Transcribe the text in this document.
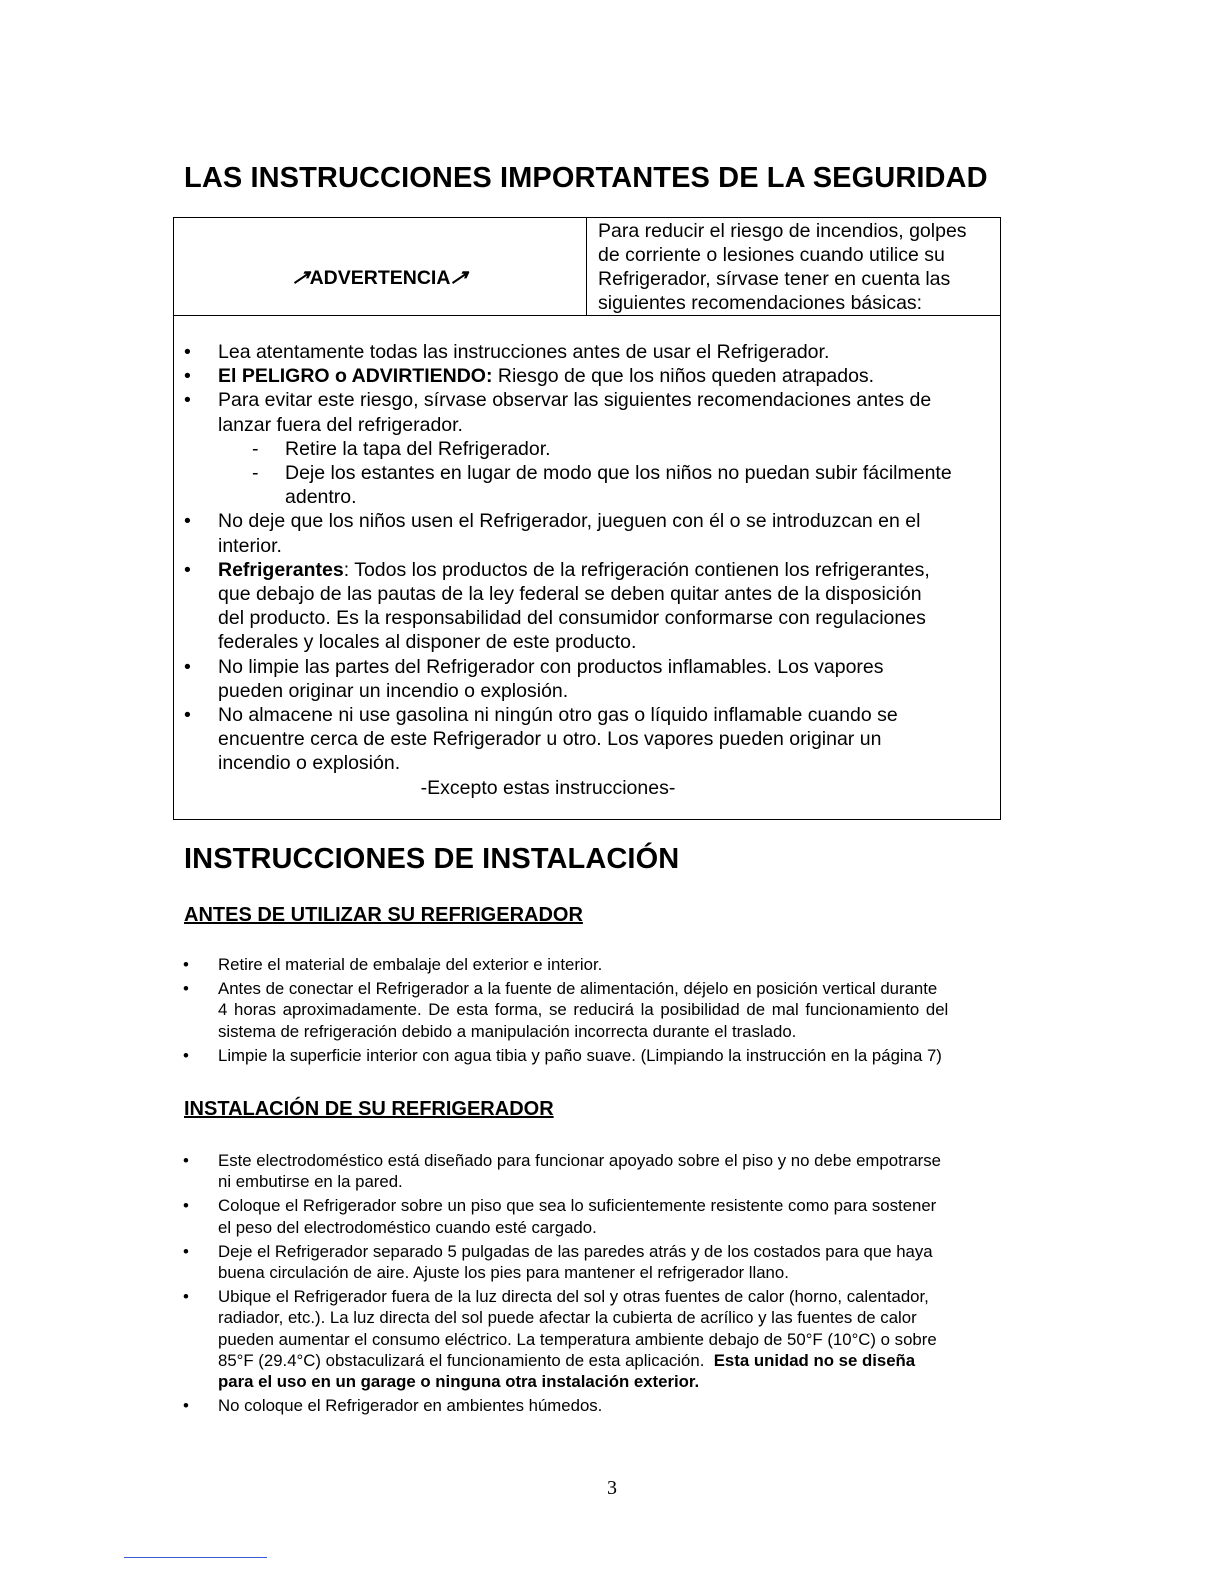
LAS INSTRUCCIONES IMPORTANTES DE LA SEGURIDAD
↗ADVERTENCIA↗
Para reducir el riesgo de incendios, golpes
de corriente o lesiones cuando utilice su
Refrigerador, sírvase tener en cuenta las
siguientes recomendaciones básicas:
• Lea atentamente todas las instrucciones antes de usar el Refrigerador.
• El PELIGRO o ADVIRTIENDO: Riesgo de que los niños queden atrapados.
• Para evitar este riesgo, sírvase observar las siguientes recomendaciones antes de
lanzar fuera del refrigerador.
- Retire la tapa del Refrigerador.
- Deje los estantes en lugar de modo que los niños no puedan subir fácilmente
adentro.
• No deje que los niños usen el Refrigerador, jueguen con él o se introduzcan en el
interior.
• Refrigerantes: Todos los productos de la refrigeración contienen los refrigerantes,
que debajo de las pautas de la ley federal se deben quitar antes de la disposición
del producto. Es la responsabilidad del consumidor conformarse con regulaciones
federales y locales al disponer de este producto.
• No limpie las partes del Refrigerador con productos inflamables. Los vapores
pueden originar un incendio o explosión.
• No almacene ni use gasolina ni ningún otro gas o líquido inflamable cuando se
encuentre cerca de este Refrigerador u otro. Los vapores pueden originar un
incendio o explosión.
-Excepto estas instrucciones-
INSTRUCCIONES DE INSTALACIÓN
ANTES DE UTILIZAR SU REFRIGERADOR
• Retire el material de embalaje del exterior e interior.
• Antes de conectar el Refrigerador a la fuente de alimentación, déjelo en posición vertical durante
4 horas aproximadamente. De esta forma, se reducirá la posibilidad de mal funcionamiento del
sistema de refrigeración debido a manipulación incorrecta durante el traslado.
• Limpie la superficie interior con agua tibia y paño suave. (Limpiando la instrucción en la página 7)
INSTALACIÓN DE SU REFRIGERADOR
• Este electrodoméstico está diseñado para funcionar apoyado sobre el piso y no debe empotrarse
ni embutirse en la pared.
• Coloque el Refrigerador sobre un piso que sea lo suficientemente resistente como para sostener
el peso del electrodoméstico cuando esté cargado.
• Deje el Refrigerador separado 5 pulgadas de las paredes atrás y de los costados para que haya
buena circulación de aire. Ajuste los pies para mantener el refrigerador llano.
• Ubique el Refrigerador fuera de la luz directa del sol y otras fuentes de calor (horno, calentador,
radiador, etc.). La luz directa del sol puede afectar la cubierta de acrílico y las fuentes de calor
pueden aumentar el consumo eléctrico. La temperatura ambiente debajo de 50°F (10°C) o sobre
85°F (29.4°C) obstaculizará el funcionamiento de esta aplicación. Esta unidad no se diseña
para el uso en un garage o ninguna otra instalación exterior.
• No coloque el Refrigerador en ambientes húmedos.
3
